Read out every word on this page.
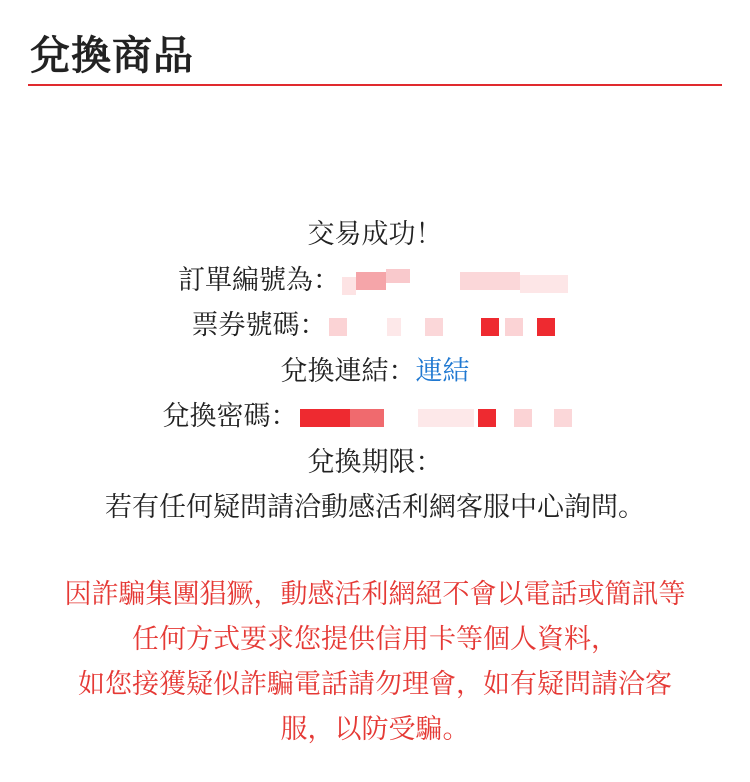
兌換商品
交易成功！
訂單編號為：
票券號碼：
兌換連結：連結
兌換密碼：
兌換期限：
若有任何疑問請洽動感活利網客服中心詢問。
因詐騙集團猖獗，動感活利網絕不會以電話或簡訊等
任何方式要求您提供信用卡等個人資料，
如您接獲疑似詐騙電話請勿理會，如有疑問請洽客
服，以防受騙。
